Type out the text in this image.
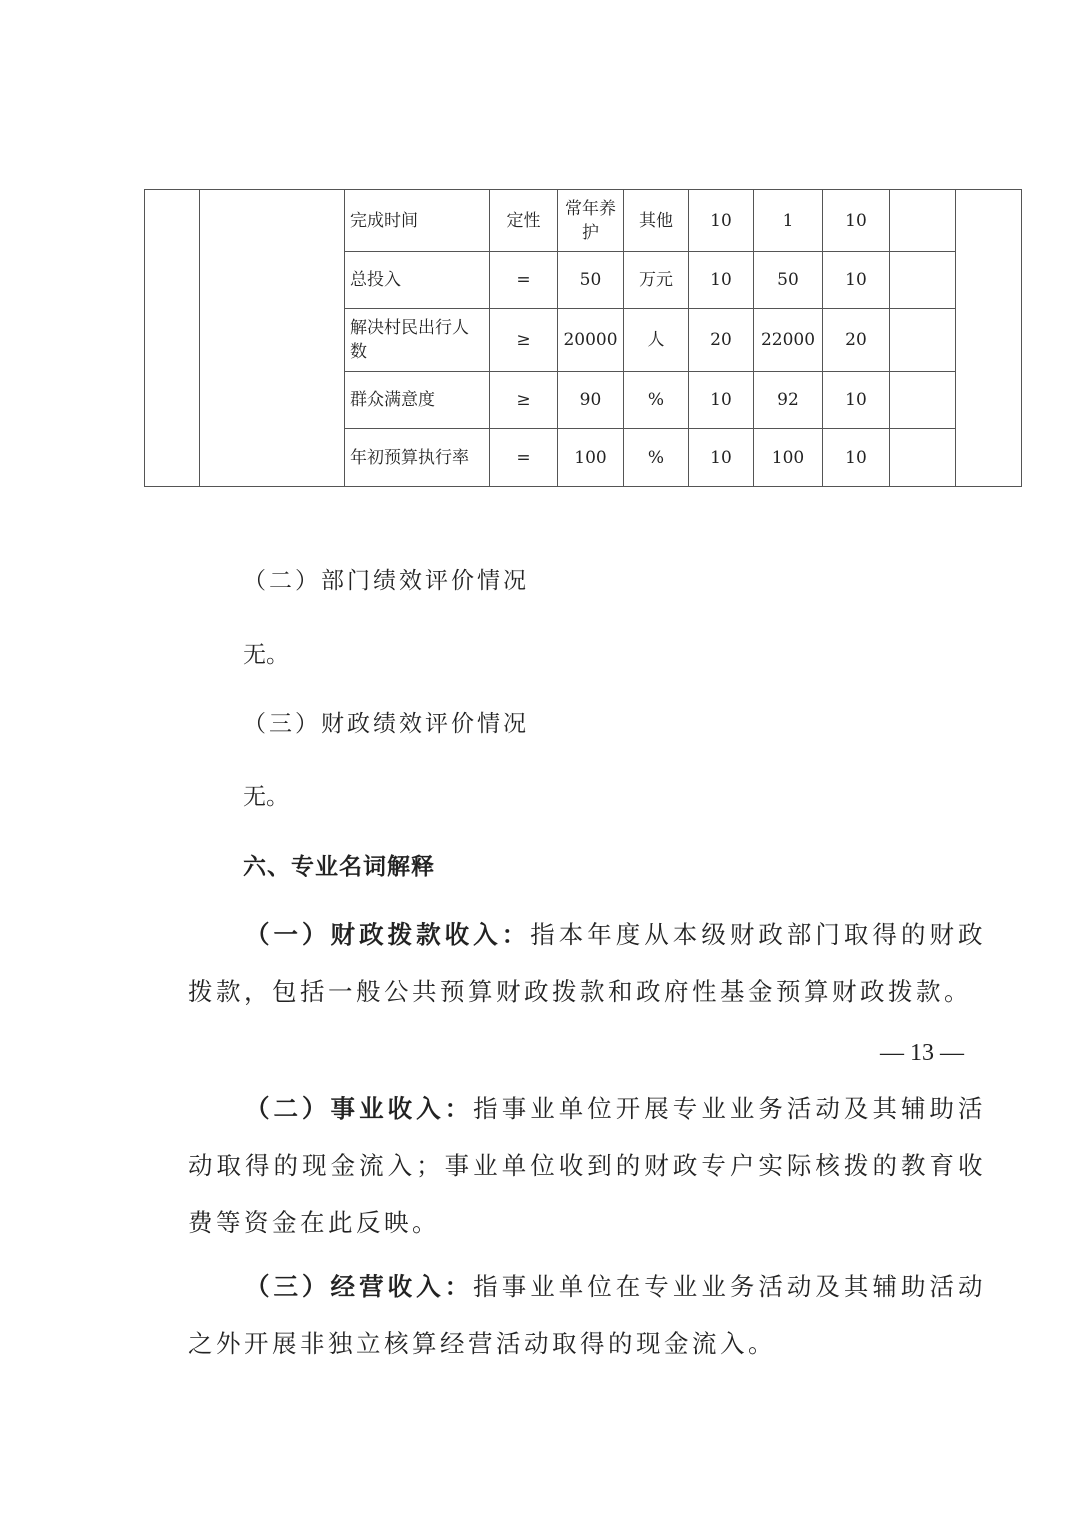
		完成时间	定性	常年养护	其他	10	1	10		
		总投入	=	50	万元	10	50	10		
		解决村民出行人数	≥	20000	人	20	22000	20		
		群众满意度	≥	90	%	10	92	10		
		年初预算执行率	=	100	%	10	100	10		
（二）部门绩效评价情况
无。
（三）财政绩效评价情况
无。
六、专业名词解释

（一）财政拨款收入：指本年度从本级财政部门取得的财政拨款，包括一般公共预算财政拨款和政府性基金预算财政拨款。

（二）事业收入：指事业单位开展专业业务活动及其辅助活动取得的现金流入；事业单位收到的财政专户实际核拨的教育收费等资金在此反映。

（三）经营收入：指事业单位在专业业务活动及其辅助活动之外开展非独立核算经营活动取得的现金流入。

— 13 —
